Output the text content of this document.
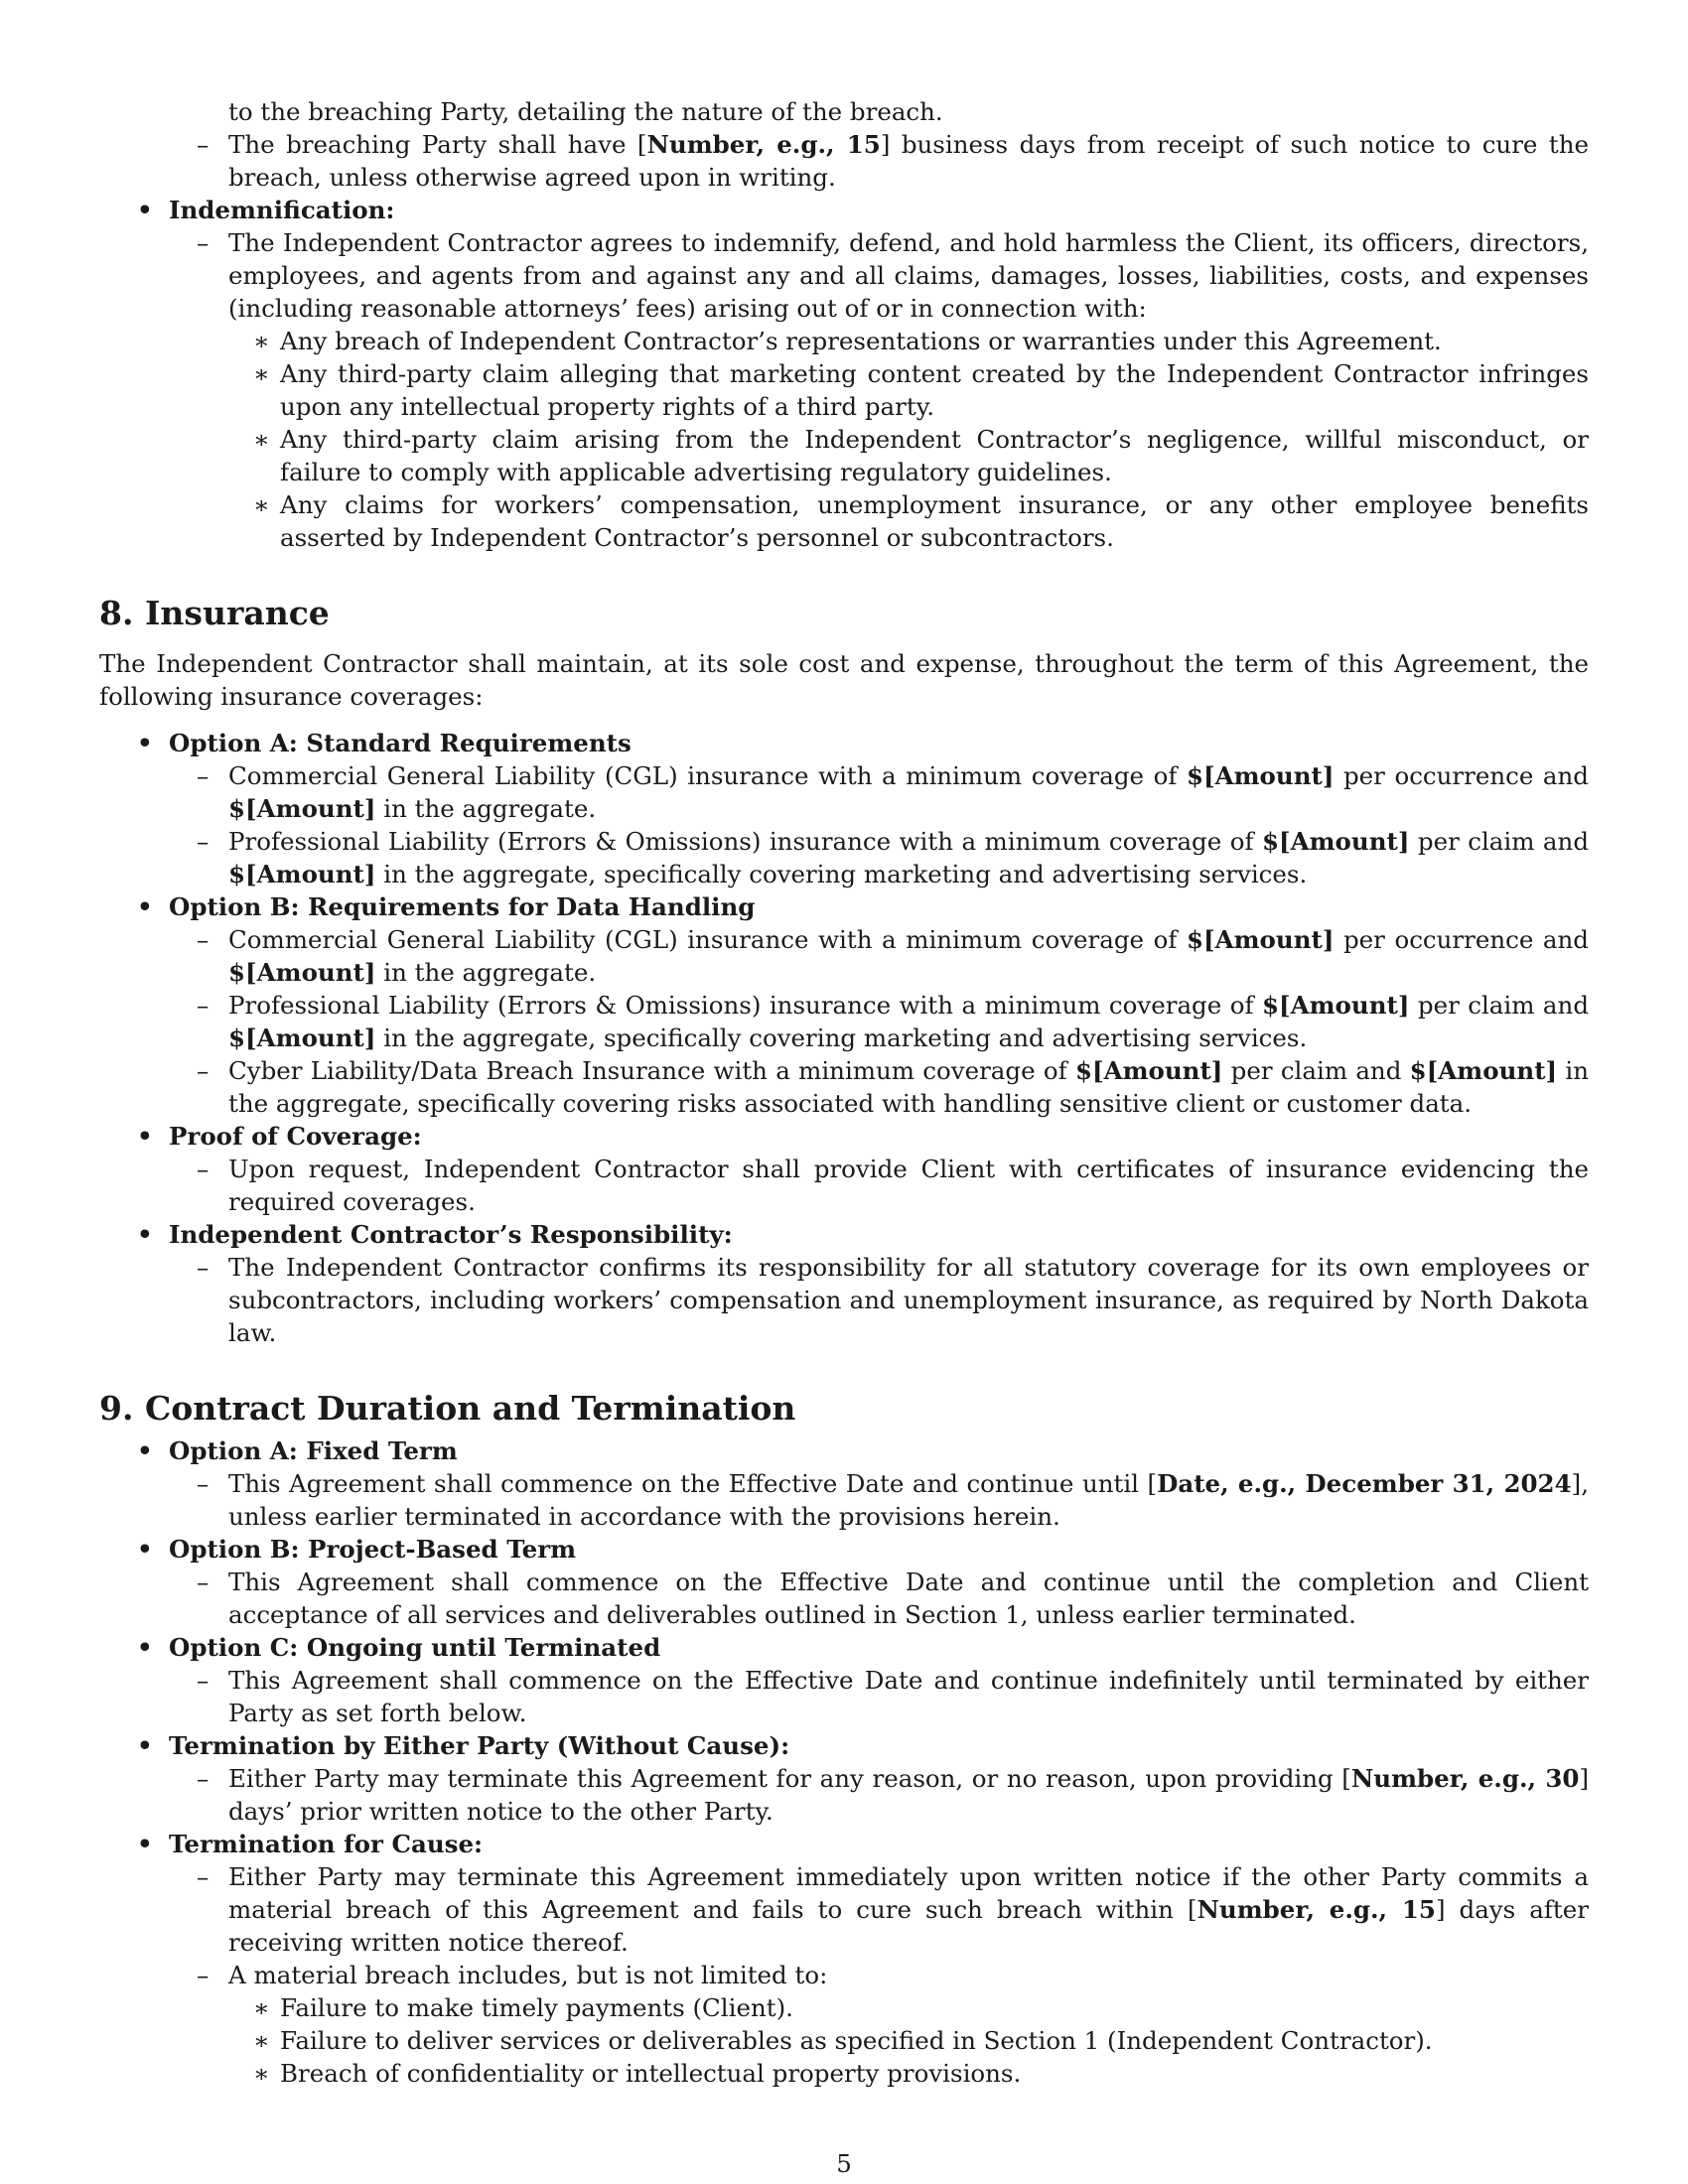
to the breaching Party, detailing the nature of the breach.
– The breaching Party shall have [Number, e.g., 15] business days from receipt of such notice to cure the breach, unless otherwise agreed upon in writing.
• Indemnification:
– The Independent Contractor agrees to indemnify, defend, and hold harmless the Client, its officers, directors, employees, and agents from and against any and all claims, damages, losses, liabilities, costs, and expenses (including reasonable attorneys’ fees) arising out of or in connection with:
∗ Any breach of Independent Contractor’s representations or warranties under this Agreement.
∗ Any third-party claim alleging that marketing content created by the Independent Contractor infringes upon any intellectual property rights of a third party.
∗ Any third-party claim arising from the Independent Contractor’s negligence, willful misconduct, or failure to comply with applicable advertising regulatory guidelines.
∗ Any claims for workers’ compensation, unemployment insurance, or any other employee benefits asserted by Independent Contractor’s personnel or subcontractors.
8. Insurance

The Independent Contractor shall maintain, at its sole cost and expense, throughout the term of this Agreement, the following insurance coverages:

• Option A: Standard Requirements
– Commercial General Liability (CGL) insurance with a minimum coverage of $[Amount] per occurrence and $[Amount] in the aggregate.
– Professional Liability (Errors & Omissions) insurance with a minimum coverage of $[Amount] per claim and $[Amount] in the aggregate, specifically covering marketing and advertising services.
• Option B: Requirements for Data Handling
– Commercial General Liability (CGL) insurance with a minimum coverage of $[Amount] per occurrence and $[Amount] in the aggregate.
– Professional Liability (Errors & Omissions) insurance with a minimum coverage of $[Amount] per claim and $[Amount] in the aggregate, specifically covering marketing and advertising services.
– Cyber Liability/Data Breach Insurance with a minimum coverage of $[Amount] per claim and $[Amount] in the aggregate, specifically covering risks associated with handling sensitive client or customer data.
• Proof of Coverage:
– Upon request, Independent Contractor shall provide Client with certificates of insurance evidencing the required coverages.
• Independent Contractor’s Responsibility:
– The Independent Contractor confirms its responsibility for all statutory coverage for its own employees or subcontractors, including workers’ compensation and unemployment insurance, as required by North Dakota law.
9. Contract Duration and Termination
• Option A: Fixed Term
– This Agreement shall commence on the Effective Date and continue until [Date, e.g., December 31, 2024], unless earlier terminated in accordance with the provisions herein.
• Option B: Project-Based Term
– This Agreement shall commence on the Effective Date and continue until the completion and Client acceptance of all services and deliverables outlined in Section 1, unless earlier terminated.
• Option C: Ongoing until Terminated
– This Agreement shall commence on the Effective Date and continue indefinitely until terminated by either Party as set forth below.
• Termination by Either Party (Without Cause):
– Either Party may terminate this Agreement for any reason, or no reason, upon providing [Number, e.g., 30] days’ prior written notice to the other Party.
• Termination for Cause:
– Either Party may terminate this Agreement immediately upon written notice if the other Party commits a material breach of this Agreement and fails to cure such breach within [Number, e.g., 15] days after receiving written notice thereof.
– A material breach includes, but is not limited to:
∗ Failure to make timely payments (Client).
∗ Failure to deliver services or deliverables as specified in Section 1 (Independent Contractor).
∗ Breach of confidentiality or intellectual property provisions.
5
